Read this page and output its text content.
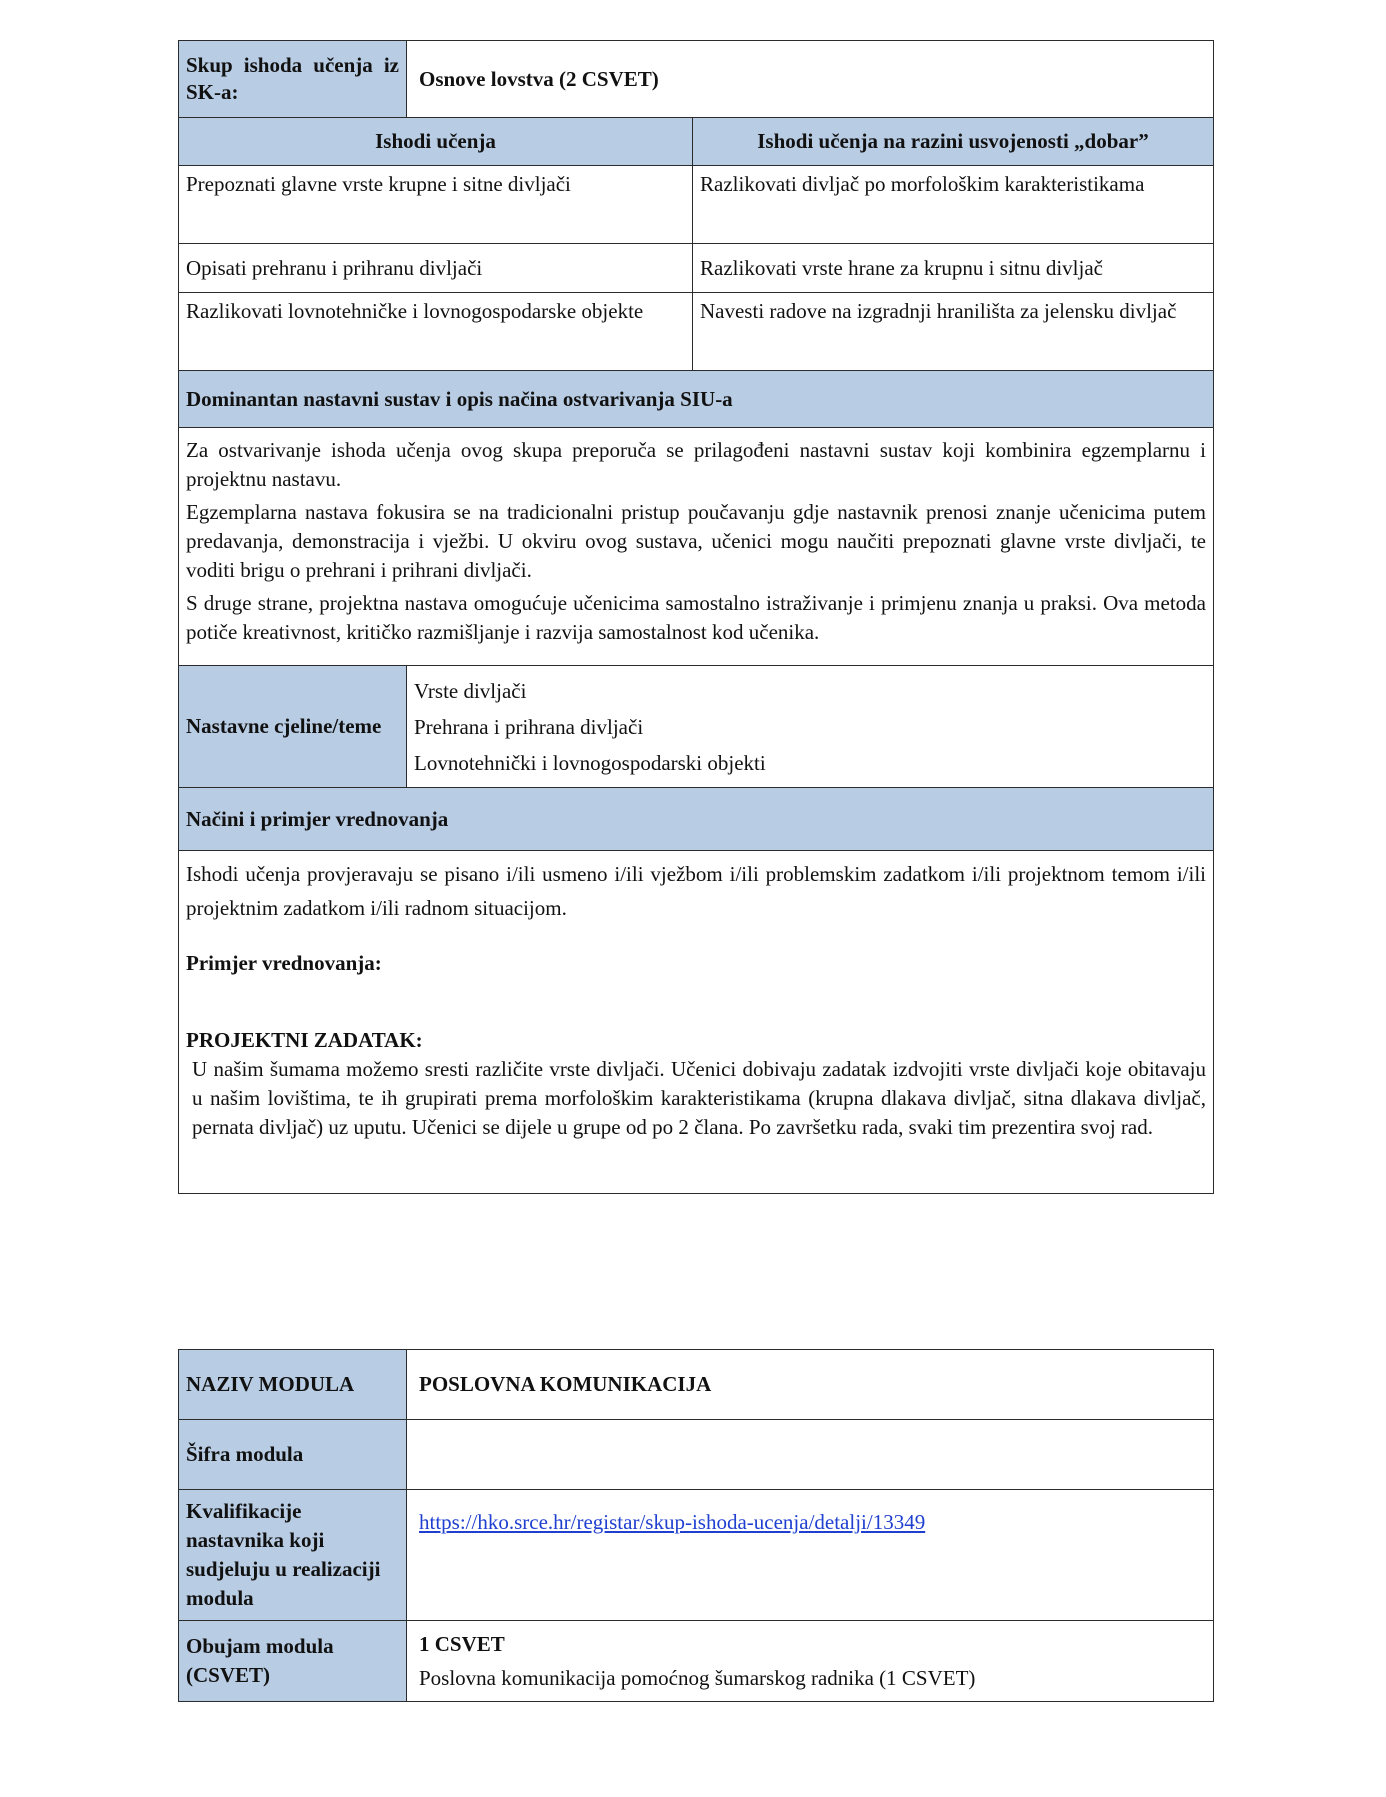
Skup ishoda učenja iz SK-a:	Osnove lovstva (2 CSVET)	
Ishodi učenja		Ishodi učenja na razini usvojenosti „dobar”
Prepoznati glavne vrste krupne i sitne divljači		Razlikovati divljač po morfološkim karakteristikama
Opisati prehranu i prihranu divljači		Razlikovati vrste hrane za krupnu i sitnu divljač
Razlikovati lovnotehničke i lovnogospodarske objekte		Navesti radove na izgradnji hranilišta za jelensku divljač
Dominantan nastavni sustav i opis načina ostvarivanja SIU-a		

Za ostvarivanje ishoda učenja ovog skupa preporuča se prilagođeni nastavni sustav koji kombinira egzemplarnu i projektnu nastavu.

Egzemplarna nastava fokusira se na tradicionalni pristup poučavanju gdje nastavnik prenosi znanje učenicima putem predavanja, demonstracija i vježbi. U okviru ovog sustava, učenici mogu naučiti prepoznati glavne vrste divljači, te voditi brigu o prehrani i prihrani divljači.

S druge strane, projektna nastava omogućuje učenicima samostalno istraživanje i primjenu znanja u praksi. Ova metoda potiče kreativnost, kritičko razmišljanje i razvija samostalnost kod učenika.		

Nastavne cjeline/teme	Vrste divljači
Prehrana i prihrana divljači
Lovnotehnički i lovnogospodarski objekti	

Načini i primjer vrednovanja		

Ishodi učenja provjeravaju se pisano i/ili usmeno i/ili vježbom i/ili problemskim zadatkom i/ili projektnom temom i/ili projektnim zadatkom i/ili radnom situacijom.
Primjer vrednovanja:
PROJEKTNI ZADATAK:
U našim šumama možemo sresti različite vrste divljači. Učenici dobivaju zadatak izdvojiti vrste divljači koje obitavaju u našim lovištima, te ih grupirati prema morfološkim karakteristikama (krupna dlakava divljač, sitna dlakava divljač, pernata divljač) uz uputu. Učenici se dijele u grupe od po 2 člana. Po završetku rada, svaki tim prezentira svoj rad.		
NAZIV MODULA	POSLOVNA KOMUNIKACIJA
Šifra modula	
Kvalifikacije nastavnika koji sudjeluju u realizaciji modula	https://hko.srce.hr/registar/skup-ishoda-ucenja/detalji/13349
Obujam modula (CSVET)	1 CSVET
Poslovna komunikacija pomoćnog šumarskog radnika (1 CSVET)
